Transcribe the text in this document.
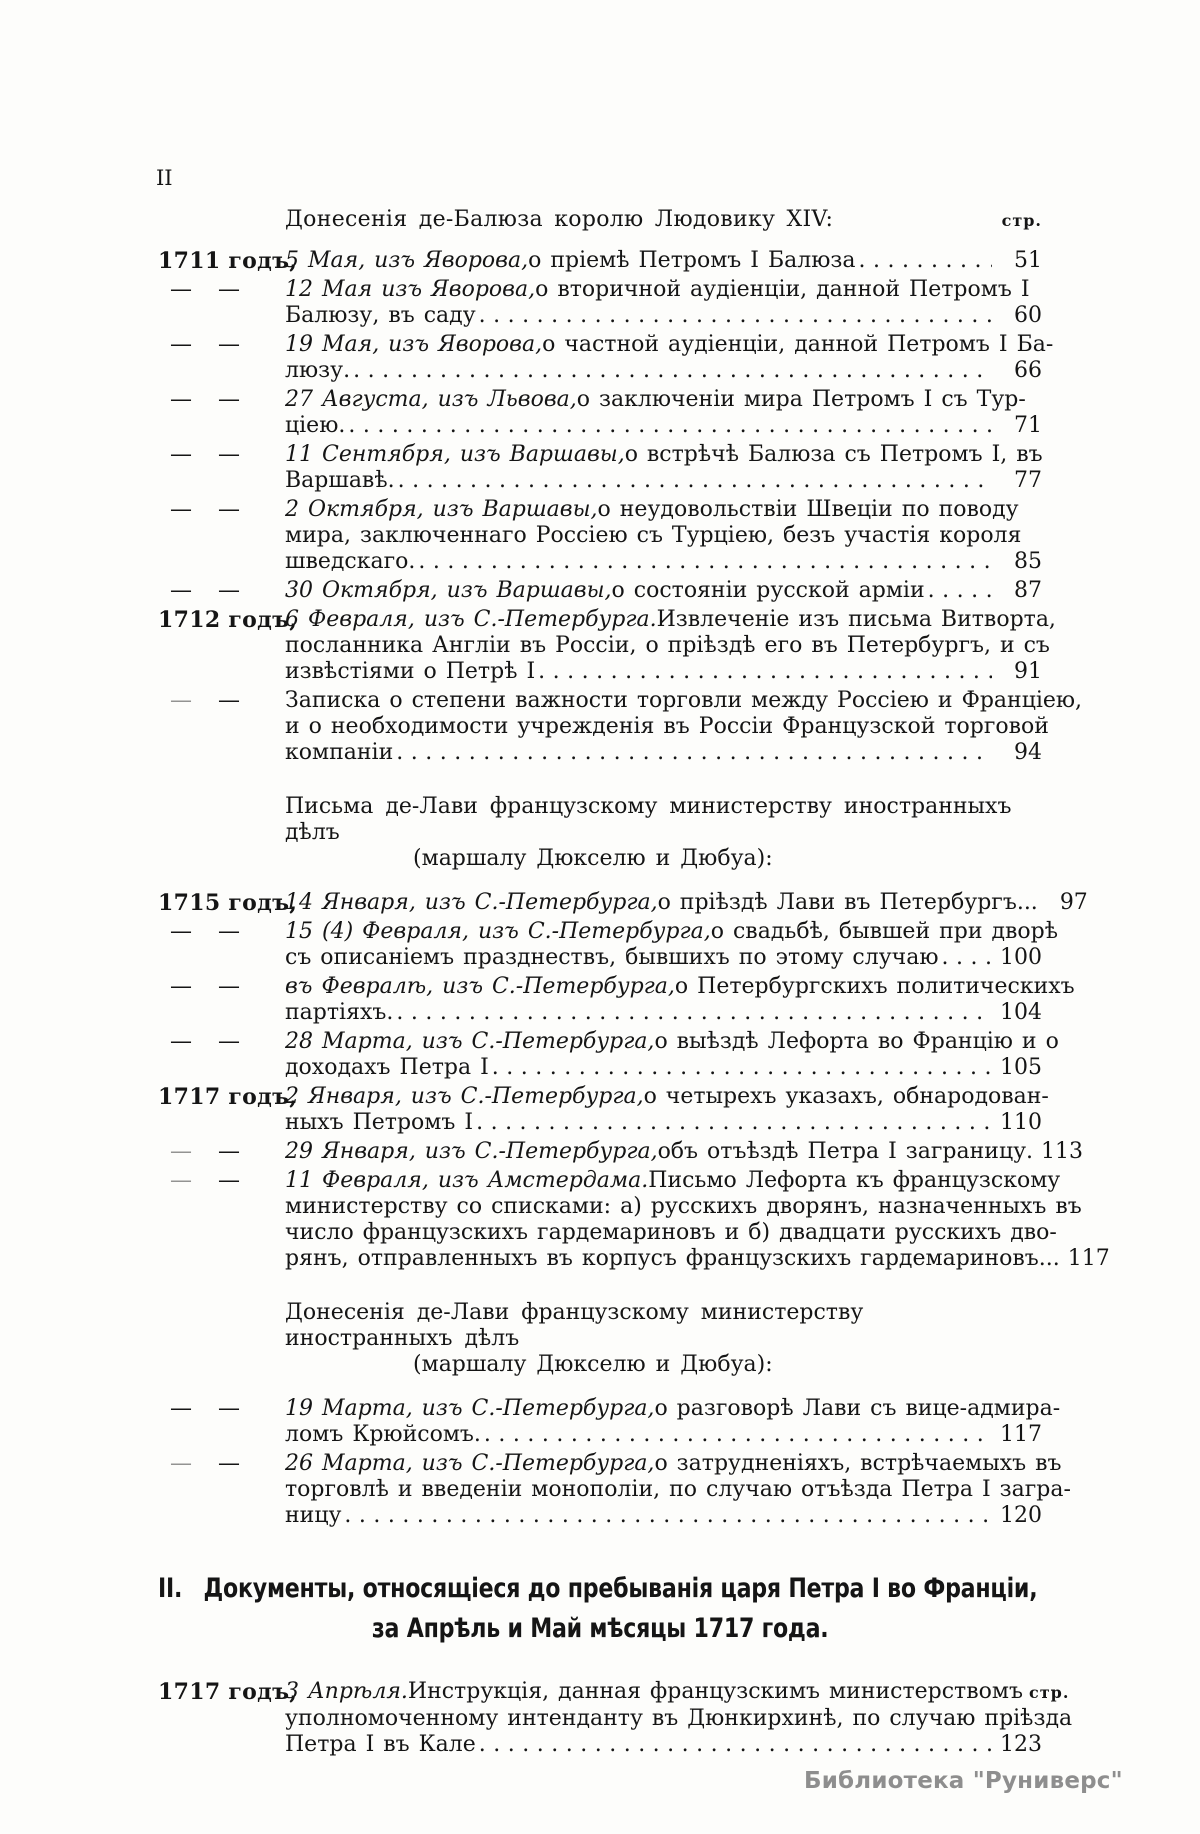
II
Донесенія де-Балюза королю Людовику XIV:	стр.
1711 годъ,
5 Мая, изъ Яворова, о пріемѣ Петромъ I Балюза .....	51
— —	12 Мая изъ Яворова, о вторичной аудіенціи, данной Петромъ I
Балюзу, въ саду .....	60
— —	19 Мая, изъ Яворова, о частной аудіенціи, данной Петромъ I Ба-
люзу. .....	66
— —	27 Августа, изъ Львова, о заключеніи мира Петромъ I съ Тур-
ціею. .....	71
— —	11 Сентября, изъ Варшавы, о встрѣчѣ Балюза съ Петромъ I, въ
Варшавѣ. .....	77
— —	2 Октября, изъ Варшавы, о неудовольствіи Швеціи по поводу
мира, заключеннаго Россіею съ Турціею, безъ участія короля
шведскаго. .....	85
— —	30 Октября, изъ Варшавы, о состояніи русской арміи .....	87
1712 годъ,
6 Февраля, изъ С.-Петербурга. Извлеченіе изъ письма Витворта,
посланника Англіи въ Россіи, о пріѣздѣ его въ Петербургъ, и съ
извѣстіями о Петрѣ I .....	91
— —	Записка о степени важности торговли между Россіею и Франціею,
и о необходимости учрежденія въ Россіи Французской торговой
компаніи .....	94
Письма де-Лави французскому министерству иностранныхъ дѣлъ
(маршалу Дюкселю и Дюбуа):
1715 годъ,
14 Января, изъ С.-Петербурга, о пріѣздѣ Лави въ Петербургъ...	97
— —	15 (4) Февраля, изъ С.-Петербурга, о свадьбѣ, бывшей при дворѣ
съ описаніемъ празднествъ, бывшихъ по этому случаю .....	100
— —	въ Февралѣ, изъ С.-Петербурга, о Петербургскихъ политическихъ
партіяхъ. .....	104
— —	28 Марта, изъ С.-Петербурга, о выѣздѣ Лефорта во Францію и о
доходахъ Петра I .....	105
1717 годъ,
2 Января, изъ С.-Петербурга, о четырехъ указахъ, обнародован-
ныхъ Петромъ I .....	110
— —	29 Января, изъ С.-Петербурга, объ отъѣздѣ Петра I заграницу. 113
— —	11 Февраля, изъ Амстердама. Письмо Лефорта къ французскому
министерству со списками: а) русскихъ дворянъ, назначенныхъ въ
число французскихъ гардемариновъ и б) двадцати русскихъ дво-
рянъ, отправленныхъ въ корпусъ французскихъ гардемариновъ... 117
Донесенія де-Лави французскому министерству иностранныхъ дѣлъ
(маршалу Дюкселю и Дюбуа):
— —	19 Марта, изъ С.-Петербурга, о разговорѣ Лави съ вице-адмира-
ломъ Крюйсомъ. .....	117
— —	26 Марта, изъ С.-Петербурга, о затрудненіяхъ, встрѣчаемыхъ въ
торговлѣ и введеніи монополіи, по случаю отъѣзда Петра I загра-
ницу .....	120
II. Документы, относящіеся до пребыванія царя Петра I во Франціи,
за Апрѣль и Май мѣсяцы 1717 года.
1717 годъ,
3 Апрѣля. Инструкція, данная французскимъ министерствомъ стр.
уполномоченному интенданту въ Дюнкирхинѣ, по случаю пріѣзда
Петра I въ Кале .....	123
Библиотека "Руниверс"
